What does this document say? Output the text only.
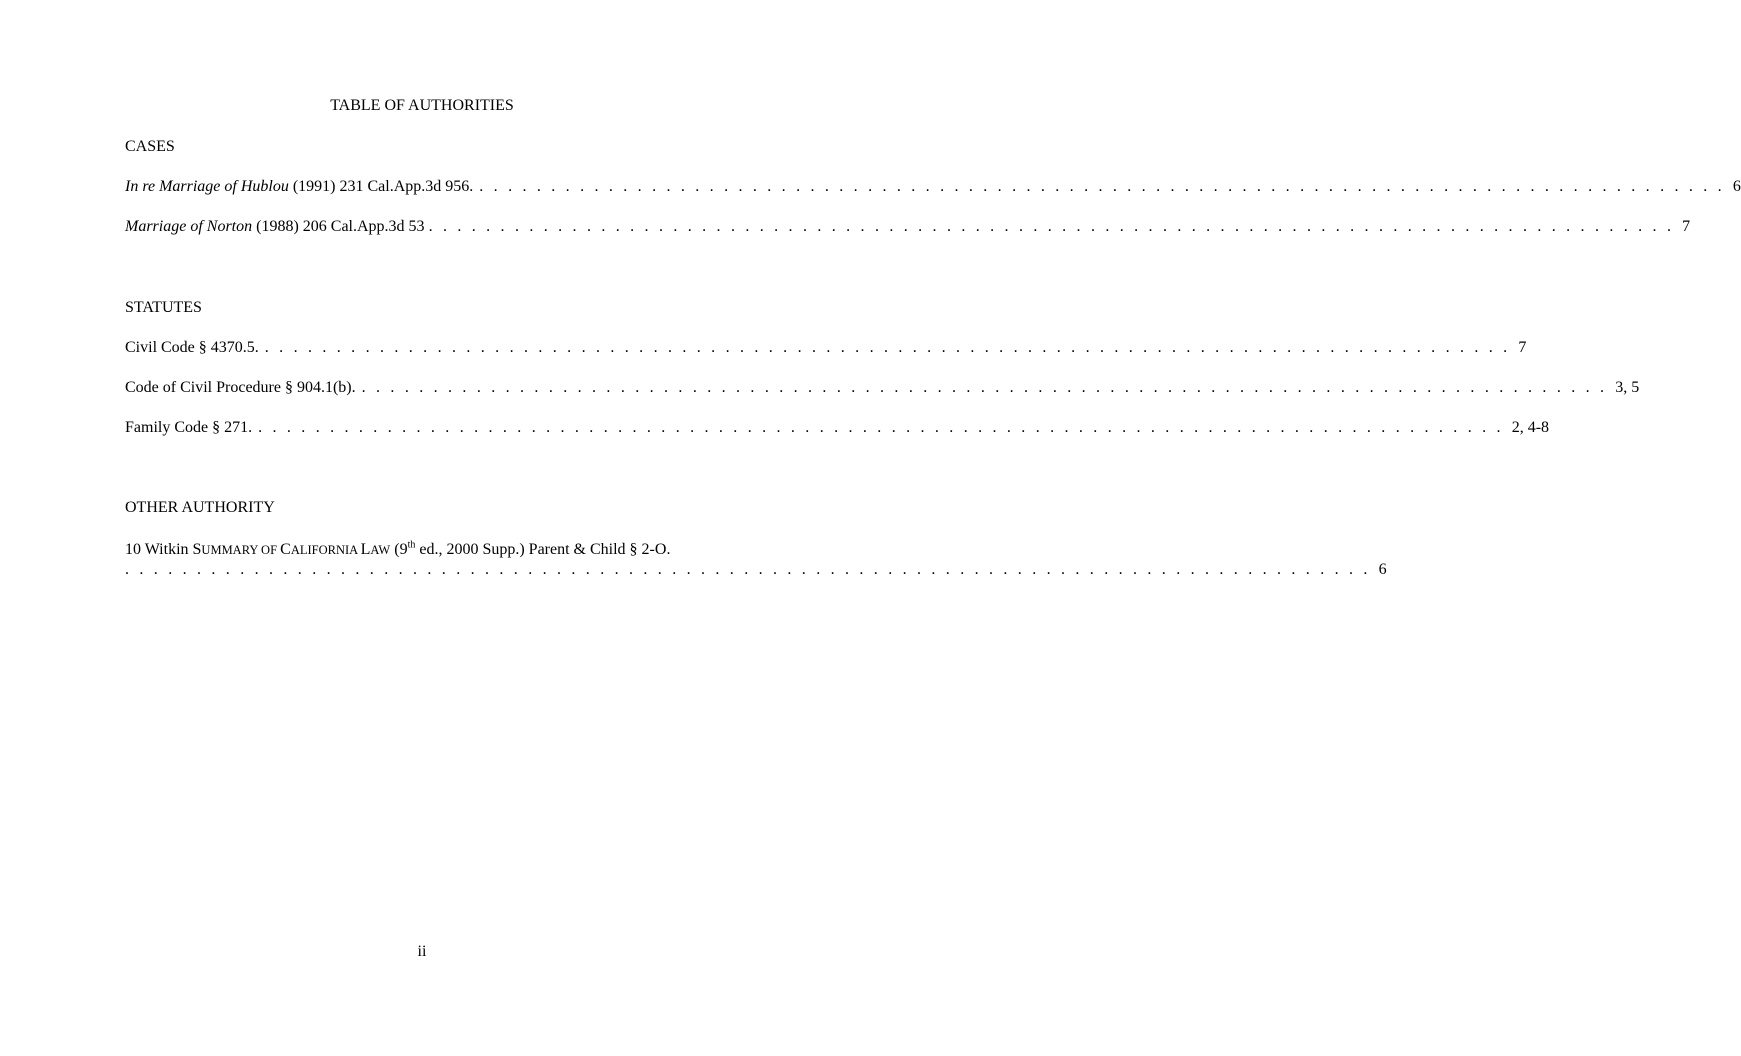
TABLE OF AUTHORITIES
CASES
In re Marriage of Hublou (1991) 231 Cal.App.3d 956. . . . . . . . . . . . . . . . . . . . . . . . . . . . . . . . . . . . . . . . . . . . . . . . . . . . . . . . . . . . . . . . . . . . . . . . . . . . . . . . . . . . . . . . 6
Marriage of Norton (1988) 206 Cal.App.3d 53 . . . . . . . . . . . . . . . . . . . . . . . . . . . . . . . . . . . . . . . . . . . . . . . . . . . . . . . . . . . . . . . . . . . . . . . . . . . . . . . . . . . . . . . 7
STATUTES
Civil Code § 4370.5. . . . . . . . . . . . . . . . . . . . . . . . . . . . . . . . . . . . . . . . . . . . . . . . . . . . . . . . . . . . . . . . . . . . . . . . . . . . . . . . . . . . . . . . 7
Code of Civil Procedure § 904.1(b). . . . . . . . . . . . . . . . . . . . . . . . . . . . . . . . . . . . . . . . . . . . . . . . . . . . . . . . . . . . . . . . . . . . . . . . . . . . . . . . . . . . . . . . 3, 5
Family Code § 271. . . . . . . . . . . . . . . . . . . . . . . . . . . . . . . . . . . . . . . . . . . . . . . . . . . . . . . . . . . . . . . . . . . . . . . . . . . . . . . . . . . . . . . . 2, 4-8
OTHER AUTHORITY
10 Witkin SUMMARY OF CALIFORNIA LAW (9th ed., 2000 Supp.) Parent & Child § 2-O.
. . . . . . . . . . . . . . . . . . . . . . . . . . . . . . . . . . . . . . . . . . . . . . . . . . . . . . . . . . . . . . . . . . . . . . . . . . . . . . . . . . . . . . . 6
ii
